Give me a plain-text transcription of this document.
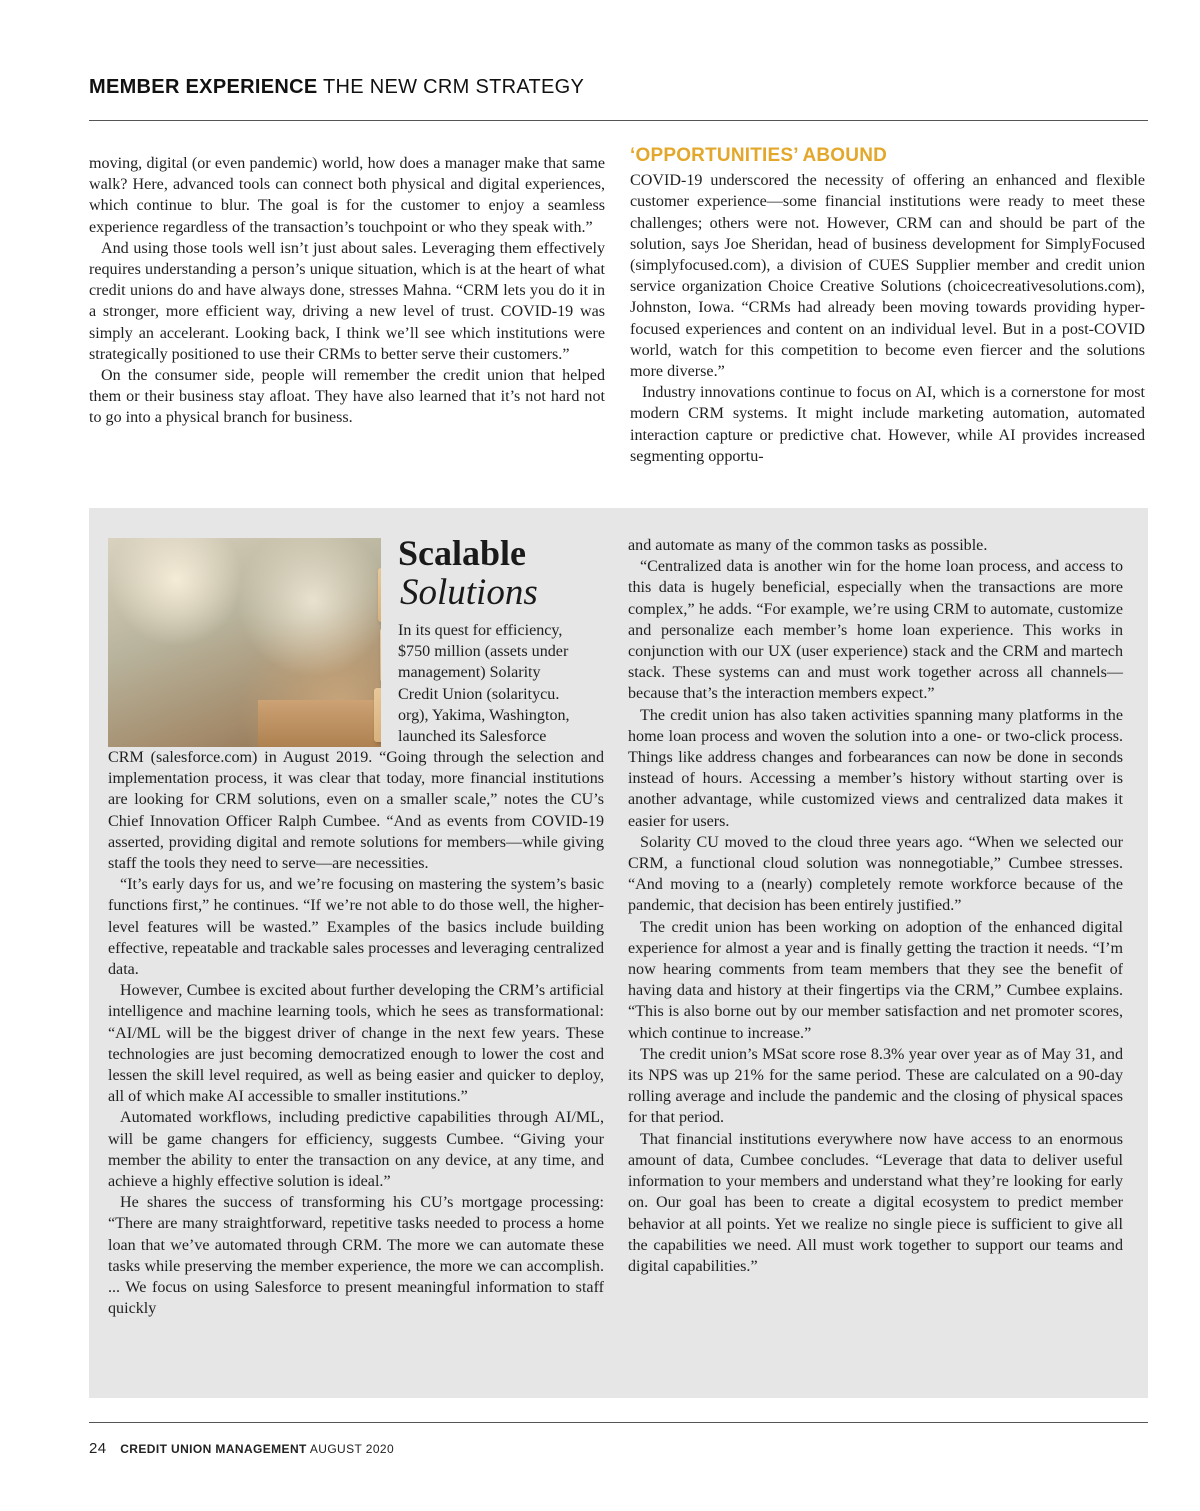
MEMBER EXPERIENCE THE NEW CRM STRATEGY

moving, digital (or even pandemic) world, how does a manager make that same walk? Here, advanced tools can connect both physical and digital experiences, which continue to blur. The goal is for the customer to enjoy a seamless experience regardless of the transaction’s touchpoint or who they speak with.”

And using those tools well isn’t just about sales. Leveraging them effectively requires understanding a person’s unique situation, which is at the heart of what credit unions do and have always done, stresses Mahna. “CRM lets you do it in a stronger, more efficient way, driving a new level of trust. COVID-19 was simply an accelerant. Looking back, I think we’ll see which institutions were strategically positioned to use their CRMs to better serve their customers.”

On the consumer side, people will remember the credit union that helped them or their business stay afloat. They have also learned that it’s not hard not to go into a physical branch for business.

‘OPPORTUNITIES’ ABOUND

COVID-19 underscored the necessity of offering an enhanced and flexible customer experience—some financial institutions were ready to meet these challenges; others were not. However, CRM can and should be part of the solution, says Joe Sheridan, head of business development for SimplyFocused (simplyfocused.com), a division of CUES Supplier member and credit union service organization Choice Creative Solutions (choicecreativesolutions.com), Johnston, Iowa. “CRMs had already been moving towards providing hyper-focused experiences and content on an individual level. But in a post-COVID world, watch for this competition to become even fiercer and the solutions more diverse.”

Industry innovations continue to focus on AI, which is a cornerstone for most modern CRM systems. It might include marketing automation, automated interaction capture or predictive chat. However, while AI provides increased segmenting opportu-

Scalable
Solutions
In its quest for efficiency,
$750 million (assets under
management) Solarity
Credit Union (solaritycu.
org), Yakima, Washington,
launched its Salesforce

CRM (salesforce.com) in August 2019. “Going through the selection and implementation process, it was clear that today, more financial institutions are looking for CRM solutions, even on a smaller scale,” notes the CU’s Chief Innovation Officer Ralph Cumbee. “And as events from COVID-19 asserted, providing digital and remote solutions for members—while giving staff the tools they need to serve—are necessities.

“It’s early days for us, and we’re focusing on mastering the system’s basic functions first,” he continues. “If we’re not able to do those well, the higher-level features will be wasted.” Examples of the basics include building effective, repeatable and trackable sales processes and leveraging centralized data.

However, Cumbee is excited about further developing the CRM’s artificial intelligence and machine learning tools, which he sees as transformational: “AI/ML will be the biggest driver of change in the next few years. These technologies are just becoming democratized enough to lower the cost and lessen the skill level required, as well as being easier and quicker to deploy, all of which make AI accessible to smaller institutions.”

Automated workflows, including predictive capabilities through AI/ML, will be game changers for efficiency, suggests Cumbee. “Giving your member the ability to enter the transaction on any device, at any time, and achieve a highly effective solution is ideal.”

He shares the success of transforming his CU’s mortgage processing: “There are many straightforward, repetitive tasks needed to process a home loan that we’ve automated through CRM. The more we can automate these tasks while preserving the member experience, the more we can accomplish. ... We focus on using Salesforce to present meaningful information to staff quickly

and automate as many of the common tasks as possible.

“Centralized data is another win for the home loan process, and access to this data is hugely beneficial, especially when the transactions are more complex,” he adds. “For example, we’re using CRM to automate, customize and personalize each member’s home loan experience. This works in conjunction with our UX (user experience) stack and the CRM and martech stack. These systems can and must work together across all channels—because that’s the interaction members expect.”

The credit union has also taken activities spanning many platforms in the home loan process and woven the solution into a one- or two-click process. Things like address changes and forbearances can now be done in seconds instead of hours. Accessing a member’s history without starting over is another advantage, while customized views and centralized data makes it easier for users.

Solarity CU moved to the cloud three years ago. “When we selected our CRM, a functional cloud solution was nonnegotiable,” Cumbee stresses. “And moving to a (nearly) completely remote workforce because of the pandemic, that decision has been entirely justified.”

The credit union has been working on adoption of the enhanced digital experience for almost a year and is finally getting the traction it needs. “I’m now hearing comments from team members that they see the benefit of having data and history at their fingertips via the CRM,” Cumbee explains. “This is also borne out by our member satisfaction and net promoter scores, which continue to increase.”

The credit union’s MSat score rose 8.3% year over year as of May 31, and its NPS was up 21% for the same period. These are calculated on a 90-day rolling average and include the pandemic and the closing of physical spaces for that period.

That financial institutions everywhere now have access to an enormous amount of data, Cumbee concludes. “Leverage that data to deliver useful information to your members and understand what they’re looking for early on. Our goal has been to create a digital ecosystem to predict member behavior at all points. Yet we realize no single piece is sufficient to give all the capabilities we need. All must work together to support our teams and digital capabilities.”

24 CREDIT UNION MANAGEMENT AUGUST 2020
